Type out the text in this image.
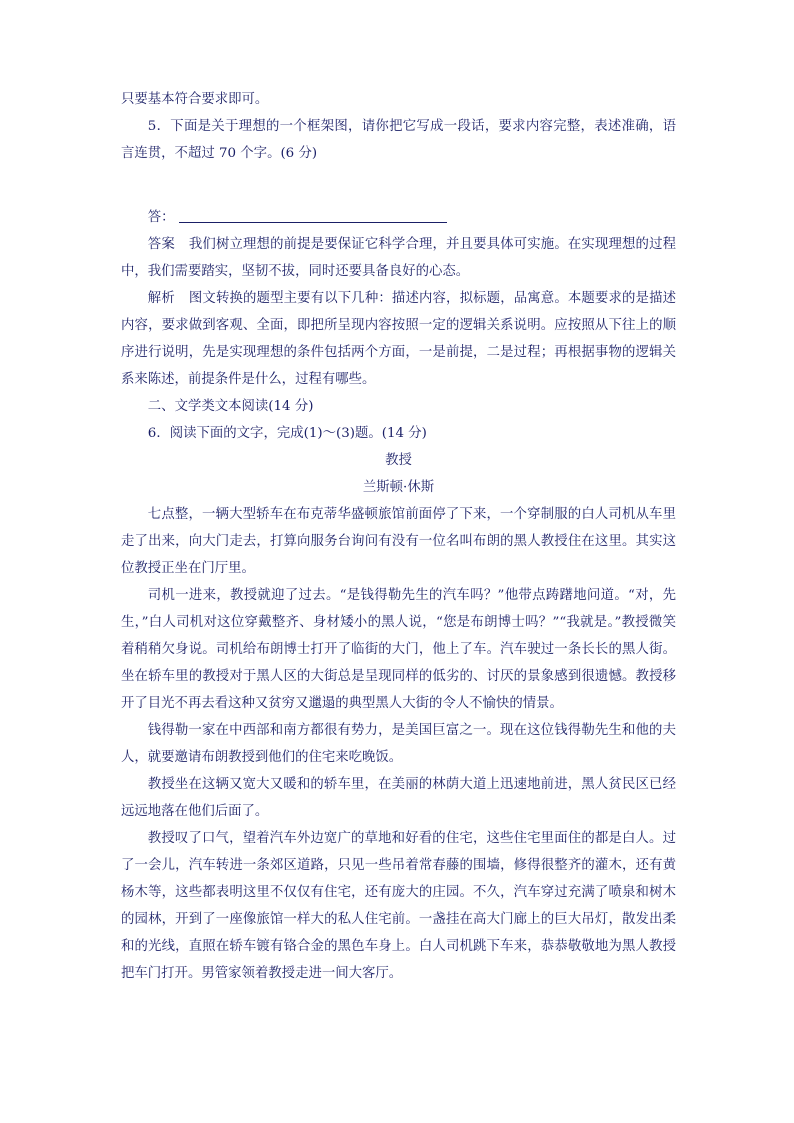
只要基本符合要求即可。

5．下面是关于理想的一个框架图，请你把它写成一段话，要求内容完整，表述准确，语言连贯，不超过 70 个字。(6 分)

答：

答案 我们树立理想的前提是要保证它科学合理，并且要具体可实施。在实现理想的过程中，我们需要踏实，坚韧不拔，同时还要具备良好的心态。

解析 图文转换的题型主要有以下几种：描述内容，拟标题，品寓意。本题要求的是描述内容，要求做到客观、全面，即把所呈现内容按照一定的逻辑关系说明。应按照从下往上的顺序进行说明，先是实现理想的条件包括两个方面，一是前提，二是过程；再根据事物的逻辑关系来陈述，前提条件是什么，过程有哪些。

二、文学类文本阅读(14 分)

6．阅读下面的文字，完成(1)～(3)题。(14 分)

教授

兰斯顿·休斯

七点整，一辆大型轿车在布克蒂华盛顿旅馆前面停了下来，一个穿制服的白人司机从车里走了出来，向大门走去，打算向服务台询问有没有一位名叫布朗的黑人教授住在这里。其实这位教授正坐在门厅里。

司机一进来，教授就迎了过去。“是钱得勒先生的汽车吗？”他带点踌躇地问道。“对，先生，”白人司机对这位穿戴整齐、身材矮小的黑人说，“您是布朗博士吗？”“我就是。”教授微笑着稍稍欠身说。司机给布朗博士打开了临街的大门，他上了车。汽车驶过一条长长的黑人街。坐在轿车里的教授对于黑人区的大街总是呈现同样的低劣的、讨厌的景象感到很遗憾。教授移开了目光不再去看这种又贫穷又邋遢的典型黑人大街的令人不愉快的情景。

钱得勒一家在中西部和南方都很有势力，是美国巨富之一。现在这位钱得勒先生和他的夫人，就要邀请布朗教授到他们的住宅来吃晚饭。

教授坐在这辆又宽大又暖和的轿车里，在美丽的林荫大道上迅速地前进，黑人贫民区已经远远地落在他们后面了。

教授叹了口气，望着汽车外边宽广的草地和好看的住宅，这些住宅里面住的都是白人。过了一会儿，汽车转进一条郊区道路，只见一些吊着常春藤的围墙，修得很整齐的灌木，还有黄杨木等，这些都表明这里不仅仅有住宅，还有庞大的庄园。不久，汽车穿过充满了喷泉和树木的园林，开到了一座像旅馆一样大的私人住宅前。一盏挂在高大门廊上的巨大吊灯，散发出柔和的光线，直照在轿车镀有铬合金的黑色车身上。白人司机跳下车来，恭恭敬敬地为黑人教授把车门打开。男管家领着教授走进一间大客厅。
